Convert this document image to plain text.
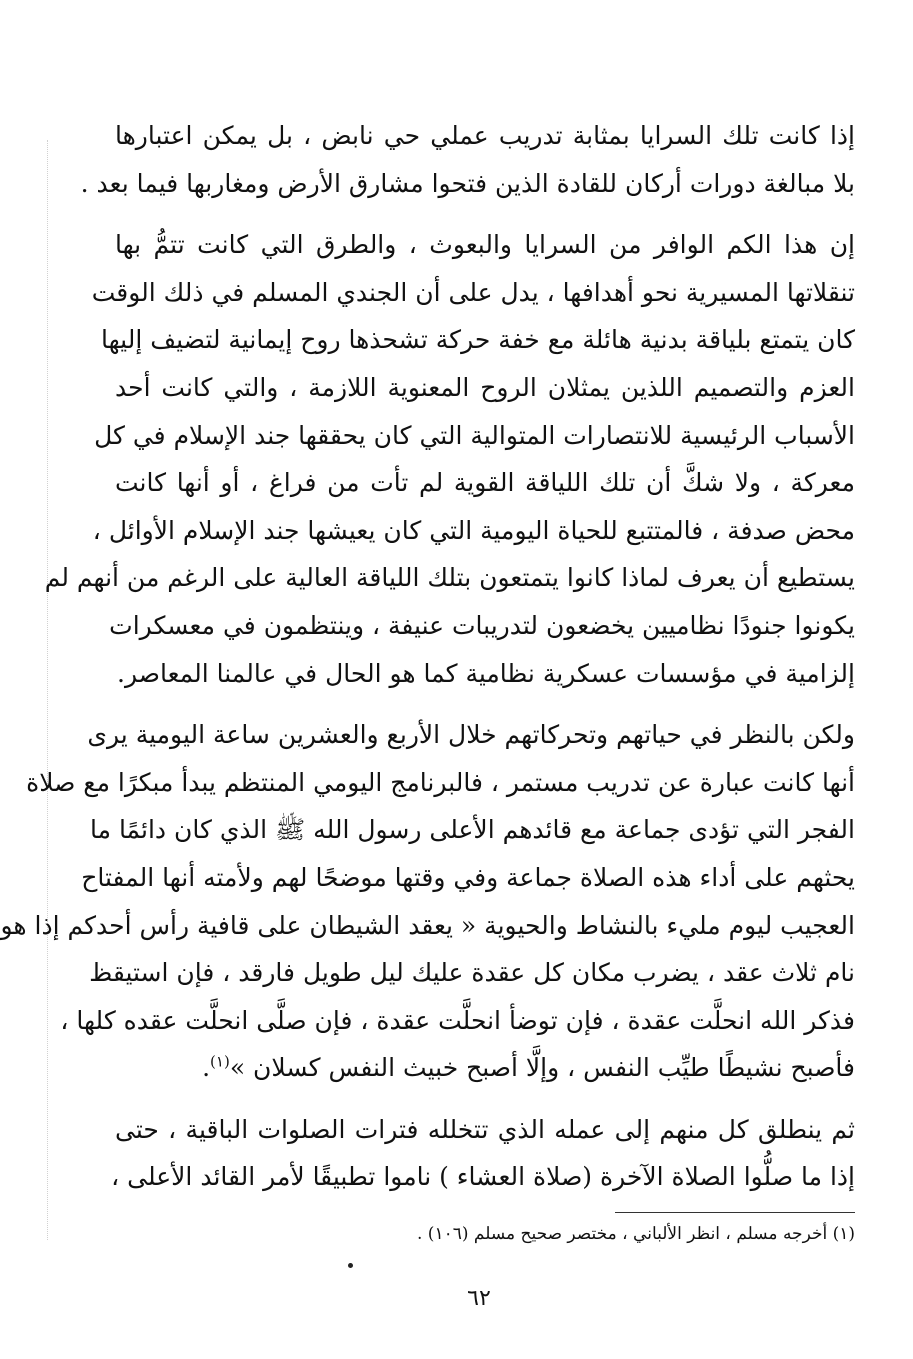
إذا كانت تلك السرايا بمثابة تدريب عملي حي نابض ، بل يمكن اعتبارها
بلا مبالغة دورات أركان للقادة الذين فتحوا مشارق الأرض ومغاربها فيما بعد .

إن هذا الكم الوافر من السرايا والبعوث ، والطرق التي كانت تتمُّ بها
تنقلاتها المسيرية نحو أهدافها ، يدل على أن الجندي المسلم في ذلك الوقت
كان يتمتع بلياقة بدنية هائلة مع خفة حركة تشحذها روح إيمانية لتضيف إليها
العزم والتصميم اللذين يمثلان الروح المعنوية اللازمة ، والتي كانت أحد
الأسباب الرئيسية للانتصارات المتوالية التي كان يحققها جند الإسلام في كل
معركة ، ولا شكَّ أن تلك اللياقة القوية لم تأت من فراغ ، أو أنها كانت
محض صدفة ، فالمتتبع للحياة اليومية التي كان يعيشها جند الإسلام الأوائل ،
يستطيع أن يعرف لماذا كانوا يتمتعون بتلك اللياقة العالية على الرغم من أنهم لم
يكونوا جنودًا نظاميين يخضعون لتدريبات عنيفة ، وينتظمون في معسكرات
إلزامية في مؤسسات عسكرية نظامية كما هو الحال في عالمنا المعاصر.

ولكن بالنظر في حياتهم وتحركاتهم خلال الأربع والعشرين ساعة اليومية يرى
أنها كانت عبارة عن تدريب مستمر ، فالبرنامج اليومي المنتظم يبدأ مبكرًا مع صلاة
الفجر التي تؤدى جماعة مع قائدهم الأعلى رسول الله ﷺ الذي كان دائمًا ما
يحثهم على أداء هذه الصلاة جماعة وفي وقتها موضحًا لهم ولأمته أنها المفتاح
العجيب ليوم مليء بالنشاط والحيوية « يعقد الشيطان على قافية رأس أحدكم إذا هو
نام ثلاث عقد ، يضرب مكان كل عقدة عليك ليل طويل فارقد ، فإن استيقظ
فذكر الله انحلَّت عقدة ، فإن توضأ انحلَّت عقدة ، فإن صلَّى انحلَّت عقده كلها ،
فأصبح نشيطًا طيِّب النفس ، وإلَّا أصبح خبيث النفس كسلان »$^{(١)}$.

ثم ينطلق كل منهم إلى عمله الذي تتخلله فترات الصلوات الباقية ، حتى
إذا ما صلُّوا الصلاة الآخرة (صلاة العشاء ) ناموا تطبيقًا لأمر القائد الأعلى ،

(١) أخرجه مسلم ، انظر الألباني ، مختصر صحيح مسلم (١٠٦) .
٦٢
